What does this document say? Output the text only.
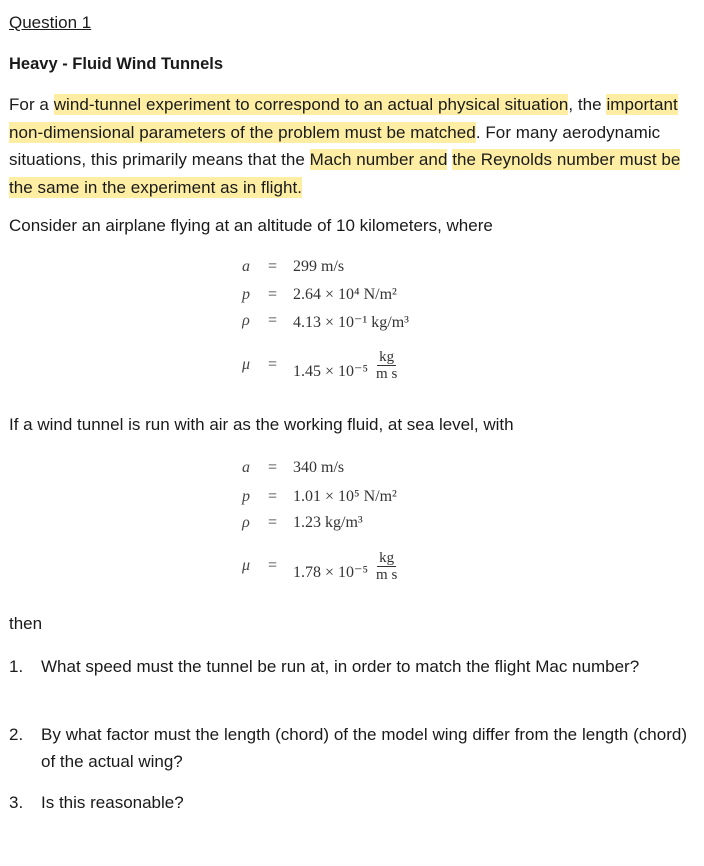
Question 1
Heavy - Fluid Wind Tunnels
For a wind-tunnel experiment to correspond to an actual physical situation, the important non-dimensional parameters of the problem must be matched. For many aerodynamic situations, this primarily means that the Mach number and the Reynolds number must be the same in the experiment as in flight.
Consider an airplane flying at an altitude of 10 kilometers, where
a = 299 m/s
p = 2.64 × 10⁴ N/m²
ρ = 4.13 × 10⁻¹ kg/m³
$\mu = 1.45 \times 10^{-5} \frac{kg}{\text{m s}}$
If a wind tunnel is run with air as the working fluid, at sea level, with
a = 340 m/s
p = 1.01 × 10⁵ N/m²
ρ = 1.23 kg/m³
$\mu = 1.78 \times 10^{-5} \frac{kg}{\text{m s}}$
then
1. What speed must the tunnel be run at, in order to match the flight Mac number?
2. By what factor must the length (chord) of the model wing differ from the length (chord) of the actual wing?
3. Is this reasonable?
